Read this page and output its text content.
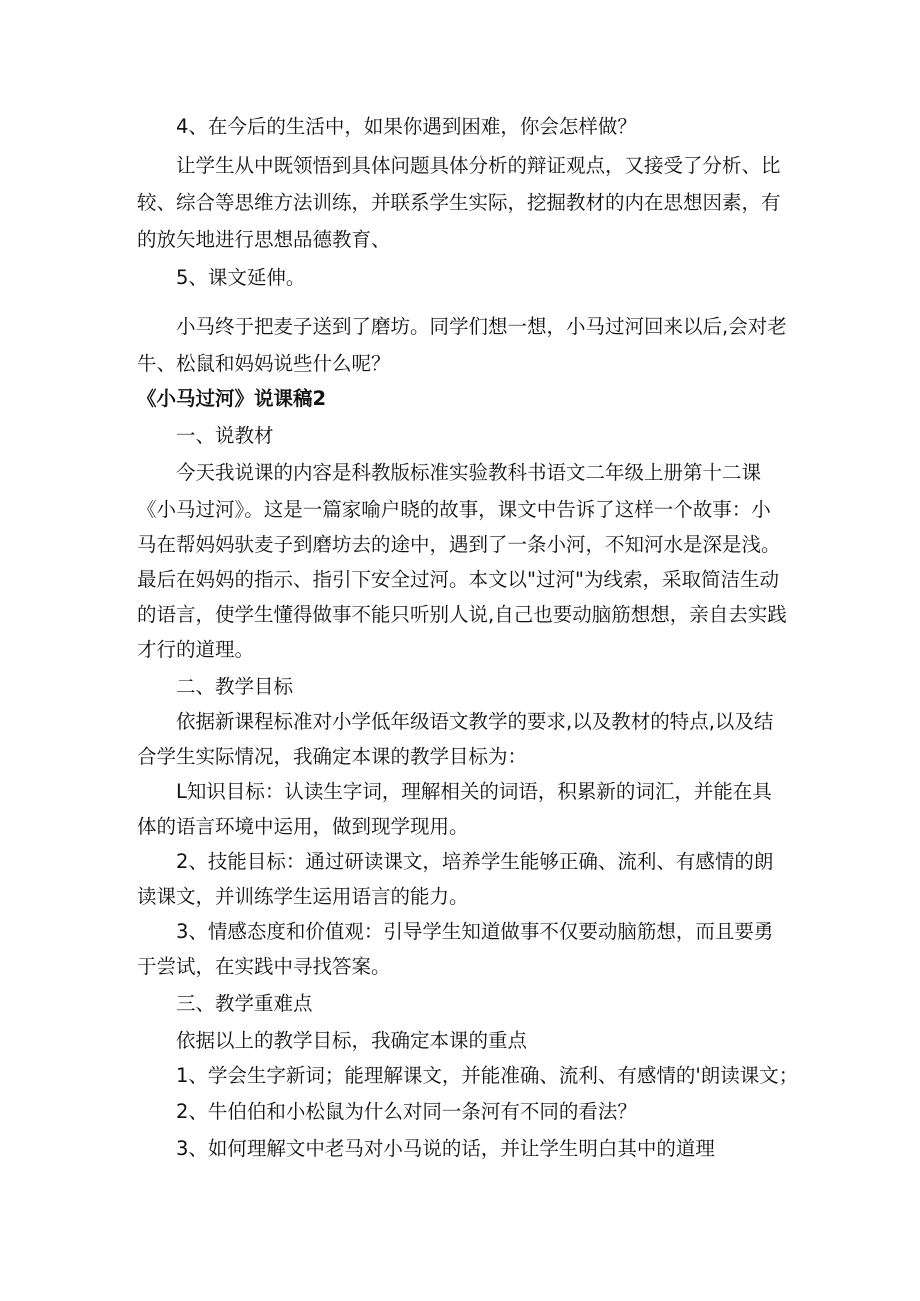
4、在今后的生活中，如果你遇到困难，你会怎样做？
让学生从中既领悟到具体问题具体分析的辩证观点，又接受了分析、比
较、综合等思维方法训练，并联系学生实际，挖掘教材的内在思想因素，有
的放矢地进行思想品德教育、
5、课文延伸。
小马终于把麦子送到了磨坊。同学们想一想，小马过河回来以后,会对老
牛、松鼠和妈妈说些什么呢？
《小马过河》说课稿2
一、说教材
今天我说课的内容是科教版标准实验教科书语文二年级上册第十二课
《小马过河》。这是一篇家喻户晓的故事，课文中告诉了这样一个故事：小
马在帮妈妈驮麦子到磨坊去的途中，遇到了一条小河，不知河水是深是浅。
最后在妈妈的指示、指引下安全过河。本文以"过河"为线索，采取简洁生动
的语言，使学生懂得做事不能只听别人说,自己也要动脑筋想想，亲自去实践
才行的道理。
二、教学目标
依据新课程标准对小学低年级语文教学的要求,以及教材的特点,以及结
合学生实际情况，我确定本课的教学目标为：
L知识目标：认读生字词，理解相关的词语，积累新的词汇，并能在具
体的语言环境中运用，做到现学现用。
2、技能目标：通过研读课文，培养学生能够正确、流利、有感情的朗
读课文，并训练学生运用语言的能力。
3、情感态度和价值观：引导学生知道做事不仅要动脑筋想，而且要勇
于尝试，在实践中寻找答案。
三、教学重难点
依据以上的教学目标，我确定本课的重点
1、学会生字新词；能理解课文，并能准确、流利、有感情的'朗读课文；
2、牛伯伯和小松鼠为什么对同一条河有不同的看法？
3、如何理解文中老马对小马说的话，并让学生明白其中的道理
